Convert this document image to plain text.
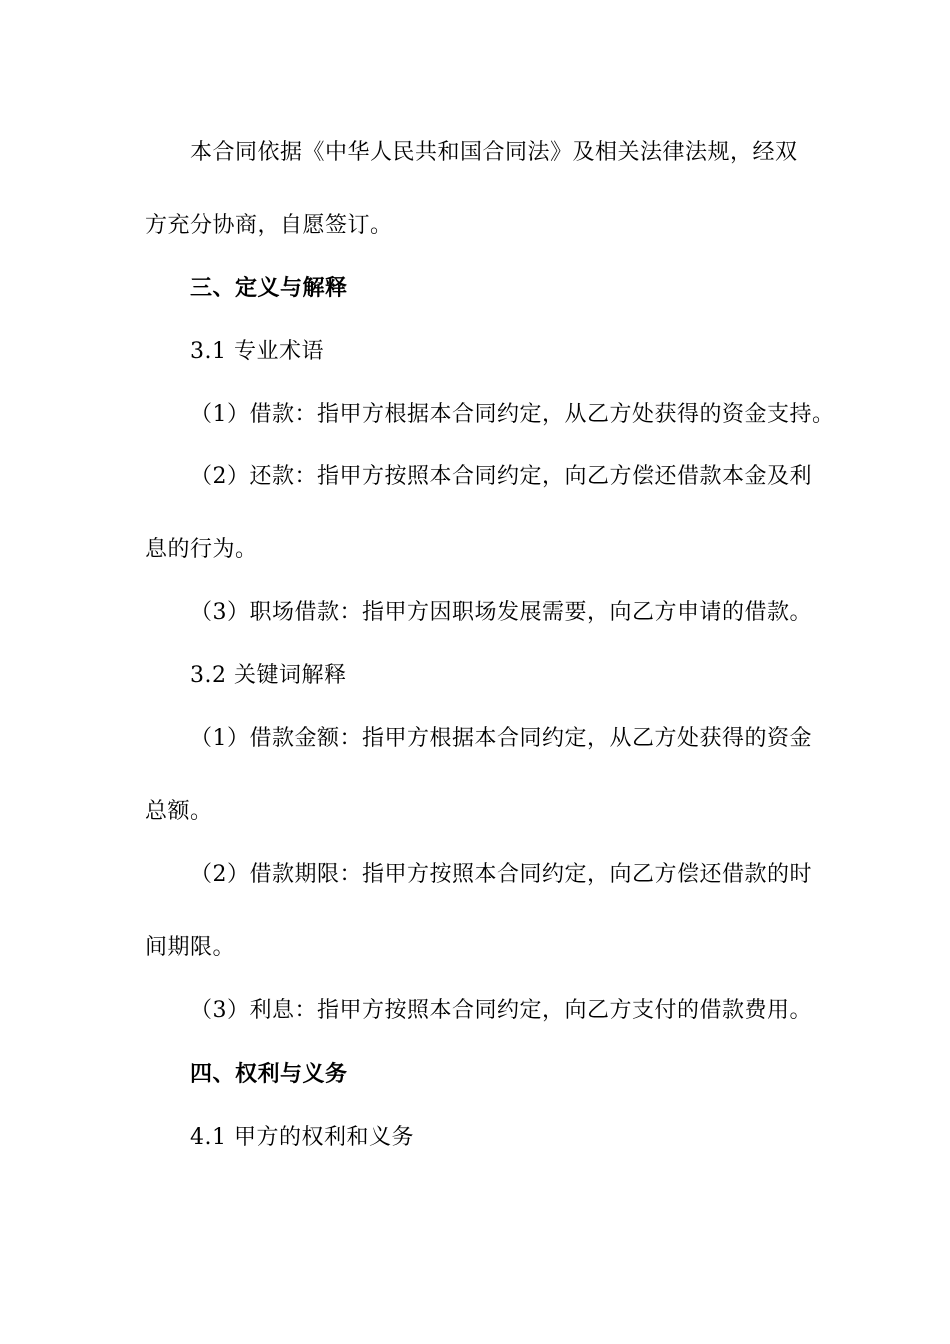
本合同依据《中华人民共和国合同法》及相关法律法规，经双
方充分协商，自愿签订。
三、定义与解释
3.1 专业术语
（1）借款：指甲方根据本合同约定，从乙方处获得的资金支持。
（2）还款：指甲方按照本合同约定，向乙方偿还借款本金及利
息的行为。
（3）职场借款：指甲方因职场发展需要，向乙方申请的借款。
3.2 关键词解释
（1）借款金额：指甲方根据本合同约定，从乙方处获得的资金
总额。
（2）借款期限：指甲方按照本合同约定，向乙方偿还借款的时
间期限。
（3）利息：指甲方按照本合同约定，向乙方支付的借款费用。
四、权利与义务
4.1 甲方的权利和义务
